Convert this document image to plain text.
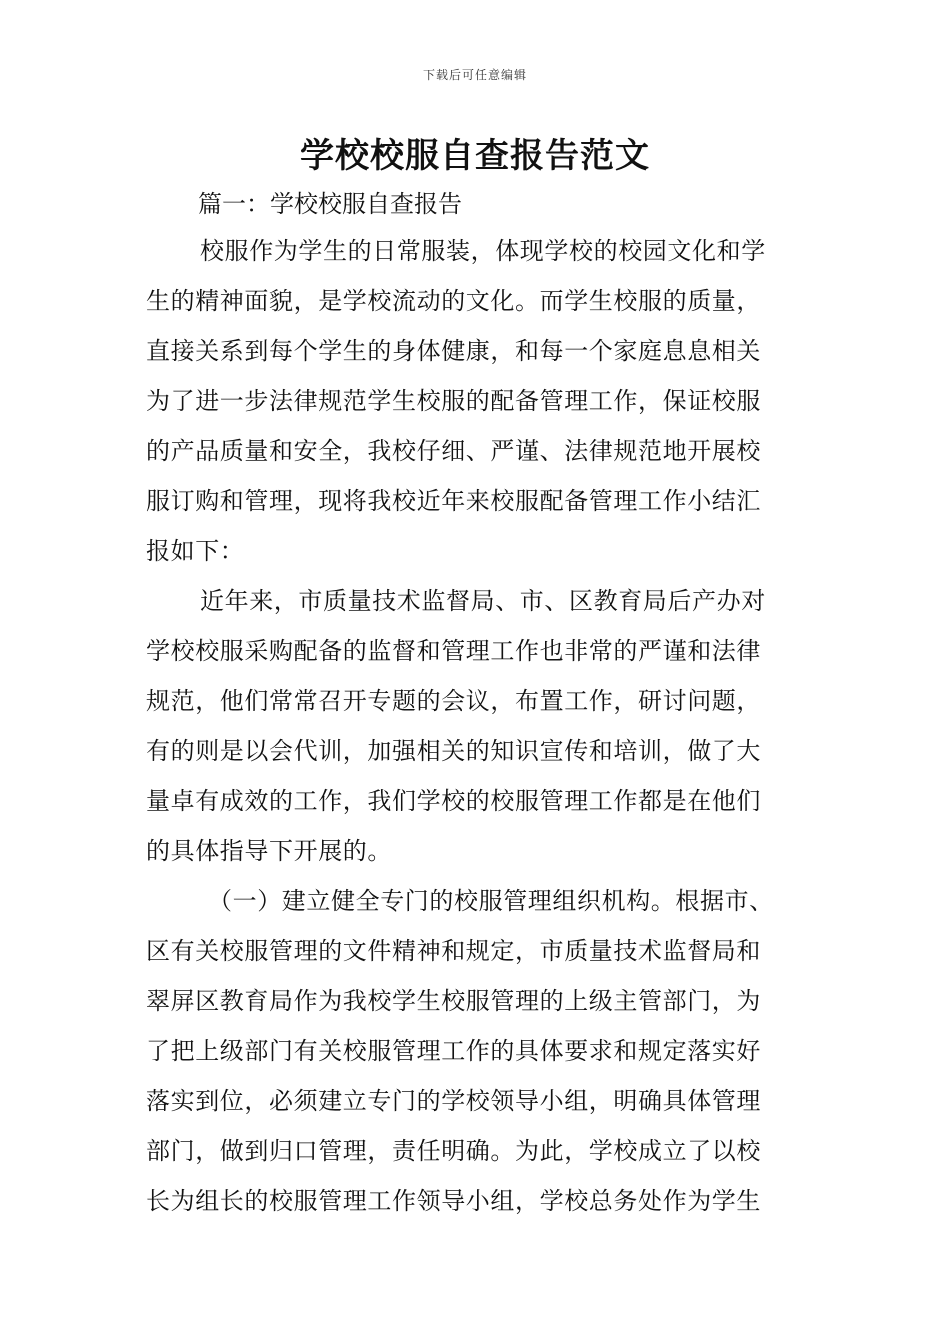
下载后可任意编辑
学校校服自查报告范文
篇一：学校校服自查报告
校服作为学生的日常服装，体现学校的校园文化和学
生的精神面貌，是学校流动的文化。而学生校服的质量，
直接关系到每个学生的身体健康，和每一个家庭息息相关
为了进一步法律规范学生校服的配备管理工作，保证校服
的产品质量和安全，我校仔细、严谨、法律规范地开展校
服订购和管理，现将我校近年来校服配备管理工作小结汇
报如下：
近年来，市质量技术监督局、市、区教育局后产办对
学校校服采购配备的监督和管理工作也非常的严谨和法律
规范，他们常常召开专题的会议，布置工作，研讨问题，
有的则是以会代训，加强相关的知识宣传和培训，做了大
量卓有成效的工作，我们学校的校服管理工作都是在他们
的具体指导下开展的。
（一）建立健全专门的校服管理组织机构。根据市、
区有关校服管理的文件精神和规定，市质量技术监督局和
翠屏区教育局作为我校学生校服管理的上级主管部门，为
了把上级部门有关校服管理工作的具体要求和规定落实好
落实到位，必须建立专门的学校领导小组，明确具体管理
部门，做到归口管理，责任明确。为此，学校成立了以校
长为组长的校服管理工作领导小组，学校总务处作为学生
